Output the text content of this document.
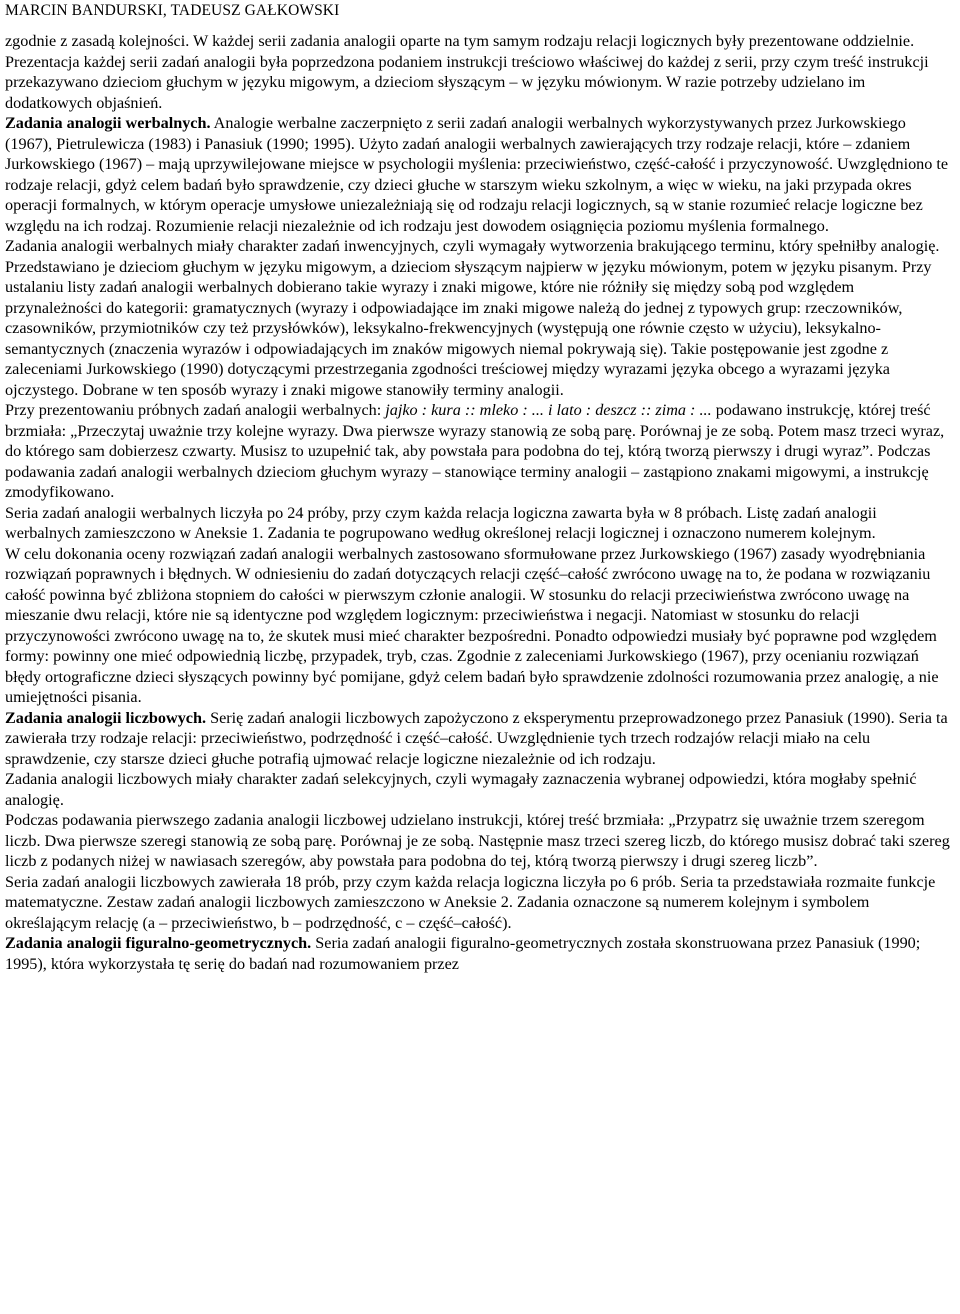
MARCIN BANDURSKI, TADEUSZ GAŁKOWSKI

zgodnie z zasadą kolejności. W każdej serii zadania analogii oparte na tym samym rodzaju relacji logicznych były prezentowane oddzielnie.

Prezentacja każdej serii zadań analogii była poprzedzona podaniem instrukcji treściowo właściwej do każdej z serii, przy czym treść instrukcji przekazywano dzieciom głuchym w języku migowym, a dzieciom słyszącym – w języku mówionym. W razie potrzeby udzielano im dodatkowych objaśnień.

Zadania analogii werbalnych. Analogie werbalne zaczerpnięto z serii zadań analogii werbalnych wykorzystywanych przez Jurkowskiego (1967), Pietrulewicza (1983) i Panasiuk (1990; 1995). Użyto zadań analogii werbalnych zawierających trzy rodzaje relacji, które – zdaniem Jurkowskiego (1967) – mają uprzywilejowane miejsce w psychologii myślenia: przeciwieństwo, część-całość i przyczynowość. Uwzględniono te rodzaje relacji, gdyż celem badań było sprawdzenie, czy dzieci głuche w starszym wieku szkolnym, a więc w wieku, na jaki przypada okres operacji formalnych, w którym operacje umysłowe uniezależniają się od rodzaju relacji logicznych, są w stanie rozumieć relacje logiczne bez względu na ich rodzaj. Rozumienie relacji niezależnie od ich rodzaju jest dowodem osiągnięcia poziomu myślenia formalnego.

Zadania analogii werbalnych miały charakter zadań inwencyjnych, czyli wymagały wytworzenia brakującego terminu, który spełniłby analogię. Przedstawiano je dzieciom głuchym w języku migowym, a dzieciom słyszącym najpierw w języku mówionym, potem w języku pisanym. Przy ustalaniu listy zadań analogii werbalnych dobierano takie wyrazy i znaki migowe, które nie różniły się między sobą pod względem przynależności do kategorii: gramatycznych (wyrazy i odpowiadające im znaki migowe należą do jednej z typowych grup: rzeczowników, czasowników, przymiotników czy też przysłówków), leksykalno-frekwencyjnych (występują one równie często w użyciu), leksykalno-semantycznych (znaczenia wyrazów i odpowiadających im znaków migowych niemal pokrywają się). Takie postępowanie jest zgodne z zaleceniami Jurkowskiego (1990) dotyczącymi przestrzegania zgodności treściowej między wyrazami języka obcego a wyrazami języka ojczystego. Dobrane w ten sposób wyrazy i znaki migowe stanowiły terminy analogii.

Przy prezentowaniu próbnych zadań analogii werbalnych: jajko : kura :: mleko : ... i lato : deszcz :: zima : ... podawano instrukcję, której treść brzmiała: „Przeczytaj uważnie trzy kolejne wyrazy. Dwa pierwsze wyrazy stanowią ze sobą parę. Porównaj je ze sobą. Potem masz trzeci wyraz, do którego sam dobierzesz czwarty. Musisz to uzupełnić tak, aby powstała para podobna do tej, którą tworzą pierwszy i drugi wyraz”. Podczas podawania zadań analogii werbalnych dzieciom głuchym wyrazy – stanowiące terminy analogii – zastąpiono znakami migowymi, a instrukcję zmodyfikowano.

Seria zadań analogii werbalnych liczyła po 24 próby, przy czym każda relacja logiczna zawarta była w 8 próbach. Listę zadań analogii werbalnych zamieszczono w Aneksie 1. Zadania te pogrupowano według określonej relacji logicznej i oznaczono numerem kolejnym.

W celu dokonania oceny rozwiązań zadań analogii werbalnych zastosowano sformułowane przez Jurkowskiego (1967) zasady wyodrębniania rozwiązań poprawnych i błędnych. W odniesieniu do zadań dotyczących relacji część–całość zwrócono uwagę na to, że podana w rozwiązaniu całość powinna być zbliżona stopniem do całości w pierwszym członie analogii. W stosunku do relacji przeciwieństwa zwrócono uwagę na mieszanie dwu relacji, które nie są identyczne pod względem logicznym: przeciwieństwa i negacji. Natomiast w stosunku do relacji przyczynowości zwrócono uwagę na to, że skutek musi mieć charakter bezpośredni. Ponadto odpowiedzi musiały być poprawne pod względem formy: powinny one mieć odpowiednią liczbę, przypadek, tryb, czas. Zgodnie z zaleceniami Jurkowskiego (1967), przy ocenianiu rozwiązań błędy ortograficzne dzieci słyszących powinny być pomijane, gdyż celem badań było sprawdzenie zdolności rozumowania przez analogię, a nie umiejętności pisania.

Zadania analogii liczbowych. Serię zadań analogii liczbowych zapożyczono z eksperymentu przeprowadzonego przez Panasiuk (1990). Seria ta zawierała trzy rodzaje relacji: przeciwieństwo, podrzędność i część–całość. Uwzględnienie tych trzech rodzajów relacji miało na celu sprawdzenie, czy starsze dzieci głuche potrafią ujmować relacje logiczne niezależnie od ich rodzaju.

Zadania analogii liczbowych miały charakter zadań selekcyjnych, czyli wymagały zaznaczenia wybranej odpowiedzi, która mogłaby spełnić analogię.

Podczas podawania pierwszego zadania analogii liczbowej udzielano instrukcji, której treść brzmiała: „Przypatrz się uważnie trzem szeregom liczb. Dwa pierwsze szeregi stanowią ze sobą parę. Porównaj je ze sobą. Następnie masz trzeci szereg liczb, do którego musisz dobrać taki szereg liczb z podanych niżej w nawiasach szeregów, aby powstała para podobna do tej, którą tworzą pierwszy i drugi szereg liczb”.

Seria zadań analogii liczbowych zawierała 18 prób, przy czym każda relacja logiczna liczyła po 6 prób. Seria ta przedstawiała rozmaite funkcje matematyczne. Zestaw zadań analogii liczbowych zamieszczono w Aneksie 2. Zadania oznaczone są numerem kolejnym i symbolem określającym relację (a – przeciwieństwo, b – podrzędność, c – część–całość).

Zadania analogii figuralno-geometrycznych. Seria zadań analogii figuralno-geometrycznych została skonstruowana przez Panasiuk (1990; 1995), która wykorzystała tę serię do badań nad rozumowaniem przez
